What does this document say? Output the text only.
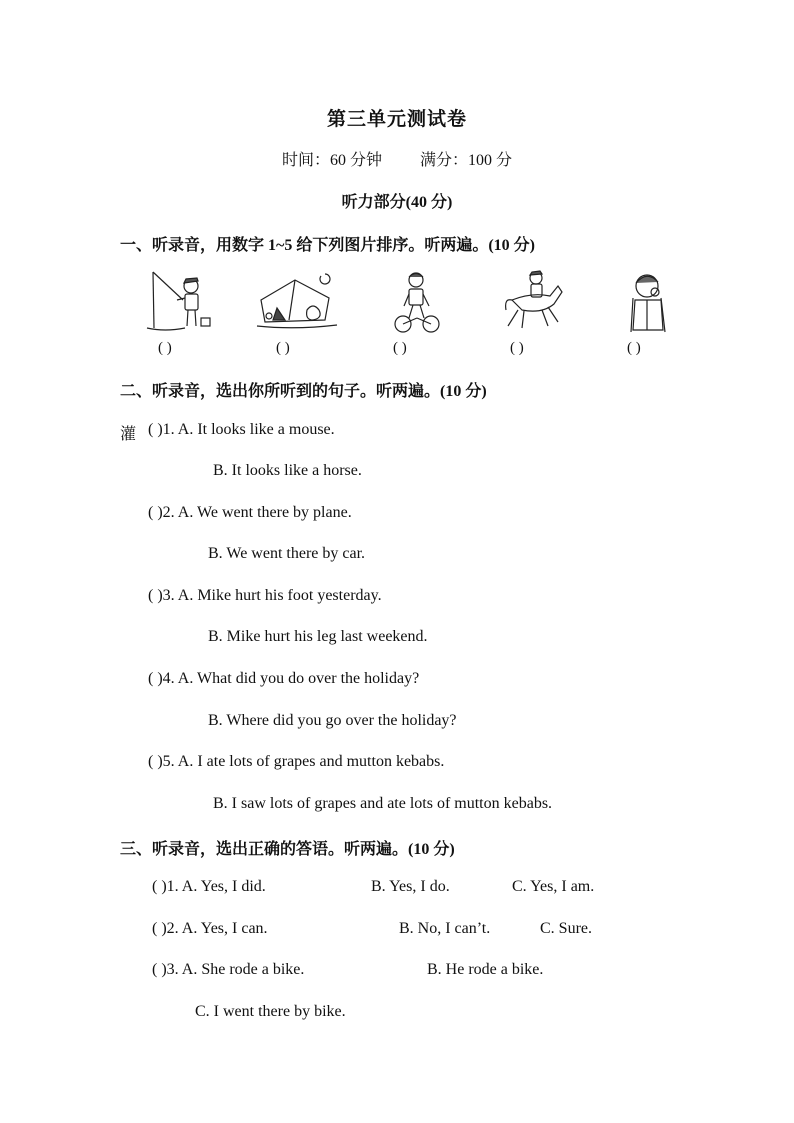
第三单元测试卷
时间：60 分钟 满分：100 分
听力部分(40 分)
一、听录音，用数字 1~5 给下列图片排序。听两遍。(10 分)
( )	( )	( )	( )	( )
二、听录音，选出你所听到的句子。听两遍。(10 分)
灌 ( )1. A. It looks like a mouse.
B. It looks like a horse.
( )2. A. We went there by plane.
B. We went there by car.
( )3. A. Mike hurt his foot yesterday.
B. Mike hurt his leg last weekend.
( )4. A. What did you do over the holiday?
B. Where did you go over the holiday?
( )5. A. I ate lots of grapes and mutton kebabs.
B. I saw lots of grapes and ate lots of mutton kebabs.
三、听录音，选出正确的答语。听两遍。(10 分)
( )1. A. Yes, I did.	B. Yes, I do.	C. Yes, I am.
( )2. A. Yes, I can.	B. No, I can’t.	C. Sure.
( )3. A. She rode a bike.	B. He rode a bike.
C. I went there by bike.
